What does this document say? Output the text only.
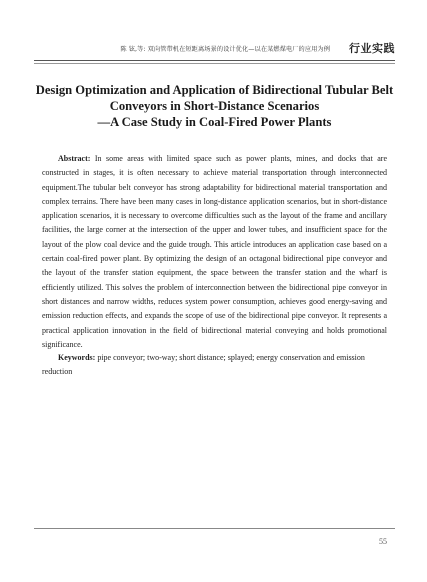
陈 铉,等: 双向管带机在短距离场景的设计优化—以在某燃煤电厂的应用为例 行业实践
Design Optimization and Application of Bidirectional Tubular Belt
Conveyors in Short-Distance Scenarios
—A Case Study in Coal-Fired Power Plants
Abstract: In some areas with limited space such as power plants, mines, and docks that are constructed in stages, it is often necessary to achieve material transportation through interconnected equipment.The tubular belt conveyor has strong adaptability for bidirectional material transportation and complex terrains. There have been many cases in long-distance application scenarios, but in short-distance application scenarios, it is necessary to overcome difficulties such as the layout of the frame and ancillary facilities, the large corner at the intersection of the upper and lower tubes, and insufficient space for the layout of the plow coal device and the guide trough. This article introduces an application case based on a certain coal-fired power plant. By optimizing the design of an octagonal bidirectional pipe conveyor and the layout of the transfer station equipment, the space between the transfer station and the wharf is efficiently utilized. This solves the problem of interconnection between the bidirectional pipe conveyor in short distances and narrow widths, reduces system power consumption, achieves good energy-saving and emission reduction effects, and expands the scope of use of the bidirectional pipe conveyor. It represents a practical application innovation in the field of bidirectional material conveying and holds promotional significance.
Keywords: pipe conveyor; two-way; short distance; splayed; energy conservation and emission reduction
55
